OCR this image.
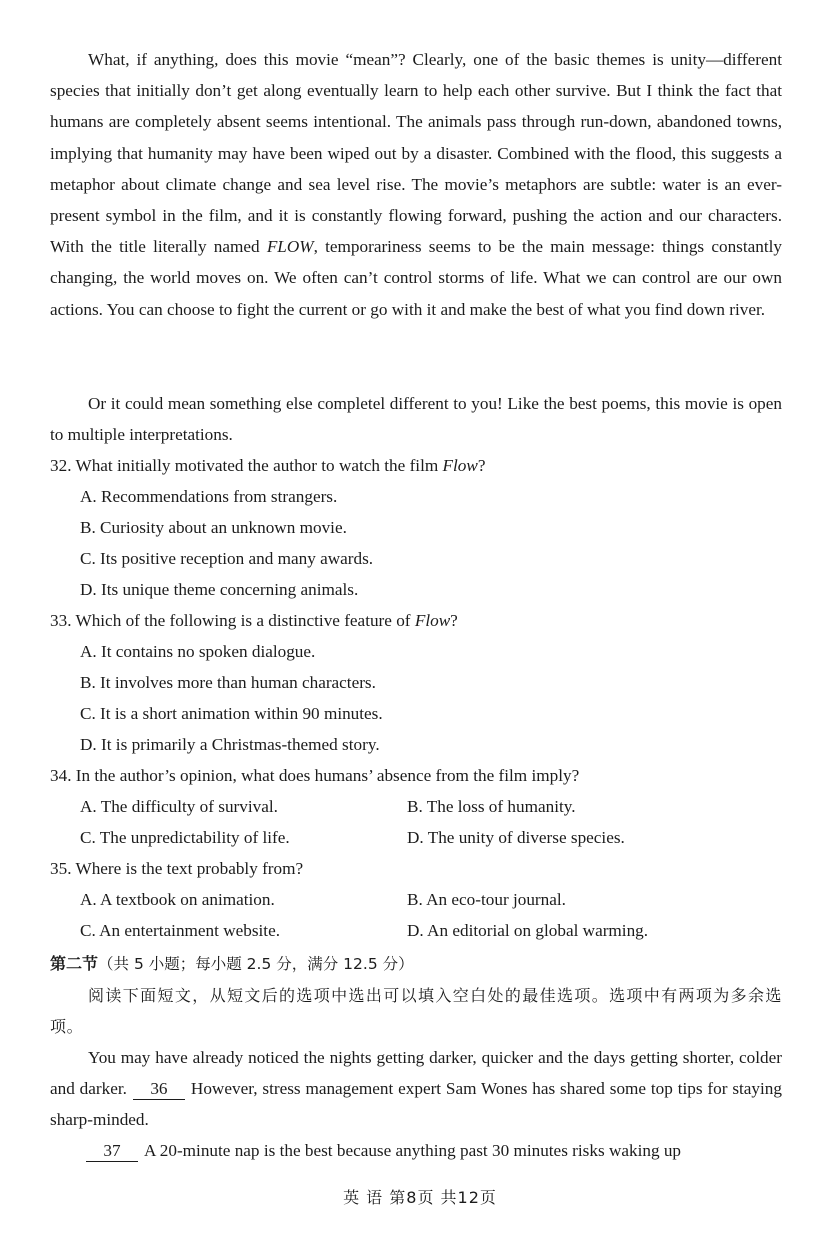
What, if anything, does this movie “mean”? Clearly, one of the basic themes is unity—different species that initially don’t get along eventually learn to help each other survive. But I think the fact that humans are completely absent seems intentional. The animals pass through run-down, abandoned towns, implying that humanity may have been wiped out by a disaster. Combined with the flood, this suggests a metaphor about climate change and sea level rise. The movie’s metaphors are subtle: water is an ever-present symbol in the film, and it is constantly flowing forward, pushing the action and our characters. With the title literally named FLOW, temporariness seems to be the main message: things constantly changing, the world moves on. We often can’t control storms of life. What we can control are our own actions. You can choose to fight the current or go with it and make the best of what you find down river.

Or it could mean something else completel different to you! Like the best poems, this movie is open to multiple interpretations.

32. What initially motivated the author to watch the film Flow?
A. Recommendations from strangers.
B. Curiosity about an unknown movie.
C. Its positive reception and many awards.
D. Its unique theme concerning animals.
33. Which of the following is a distinctive feature of Flow?
A. It contains no spoken dialogue.
B. It involves more than human characters.
C. It is a short animation within 90 minutes.
D. It is primarily a Christmas-themed story.
34. In the author’s opinion, what does humans’ absence from the film imply?
A. The difficulty of survival.	B. The loss of humanity.
C. The unpredictability of life.	D. The unity of diverse species.
35. Where is the text probably from?
A. A textbook on animation.	B. An eco-tour journal.
C. An entertainment website.	D. An editorial on global warming.
第二节（共 5 小题；每小题 2.5 分，满分 12.5 分）

阅读下面短文，从短文后的选项中选出可以填入空白处的最佳选项。选项中有两项为多余选项。

You may have already noticed the nights getting darker, quicker and the days getting shorter, colder and darker. 36 However, stress management expert Sam Wones has shared some top tips for staying sharp-minded.

37 A 20-minute nap is the best because anything past 30 minutes risks waking up

英 语 第8页 共12页
